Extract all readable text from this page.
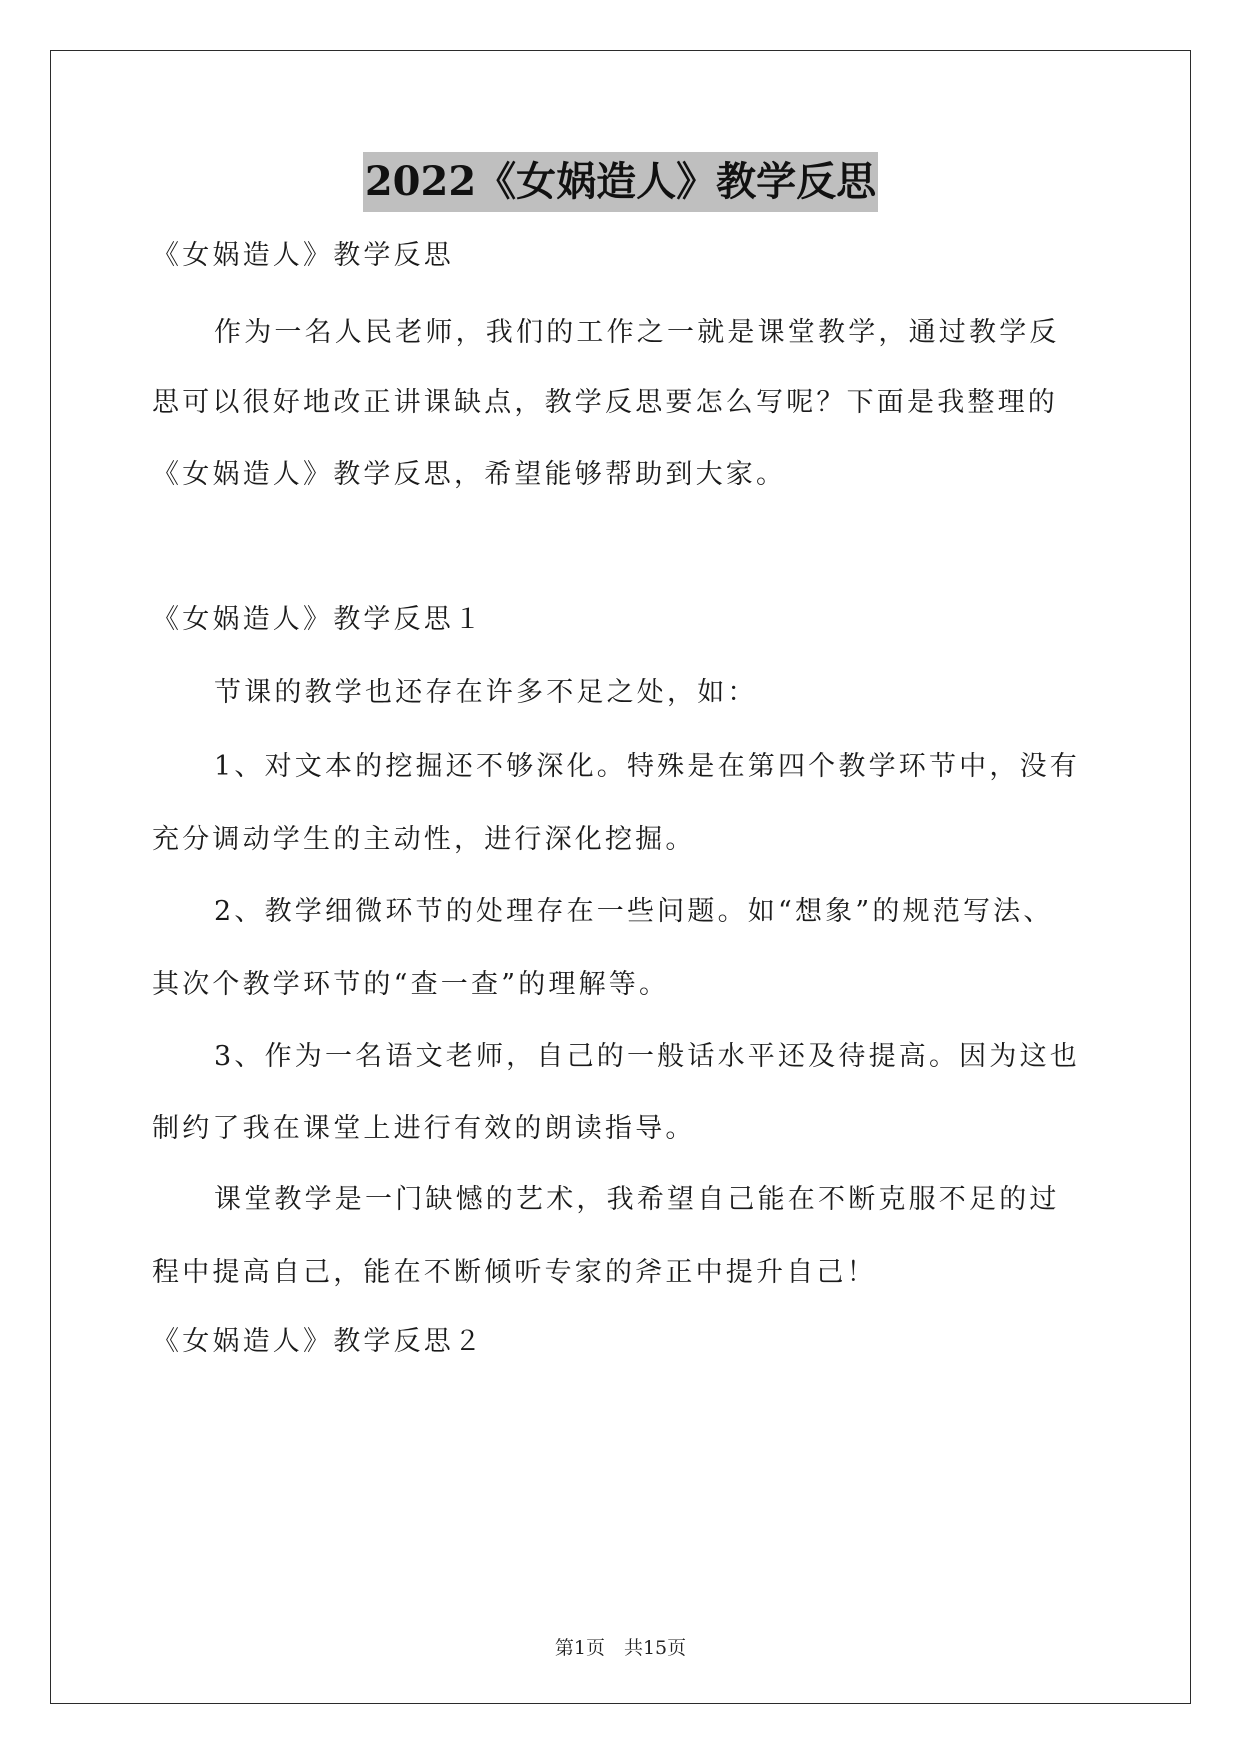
2022《女娲造人》教学反思
《女娲造人》教学反思
作为一名人民老师，我们的工作之一就是课堂教学，通过教学反
思可以很好地改正讲课缺点，教学反思要怎么写呢？下面是我整理的
《女娲造人》教学反思，希望能够帮助到大家。
《女娲造人》教学反思１
节课的教学也还存在许多不足之处，如：
1、对文本的挖掘还不够深化。特殊是在第四个教学环节中，没有
充分调动学生的主动性，进行深化挖掘。
2、教学细微环节的处理存在一些问题。如“想象”的规范写法、
其次个教学环节的“查一查”的理解等。
3、作为一名语文老师，自己的一般话水平还及待提高。因为这也
制约了我在课堂上进行有效的朗读指导。
课堂教学是一门缺憾的艺术，我希望自己能在不断克服不足的过
程中提高自己，能在不断倾听专家的斧正中提升自己！
《女娲造人》教学反思２
第1页　共15页
